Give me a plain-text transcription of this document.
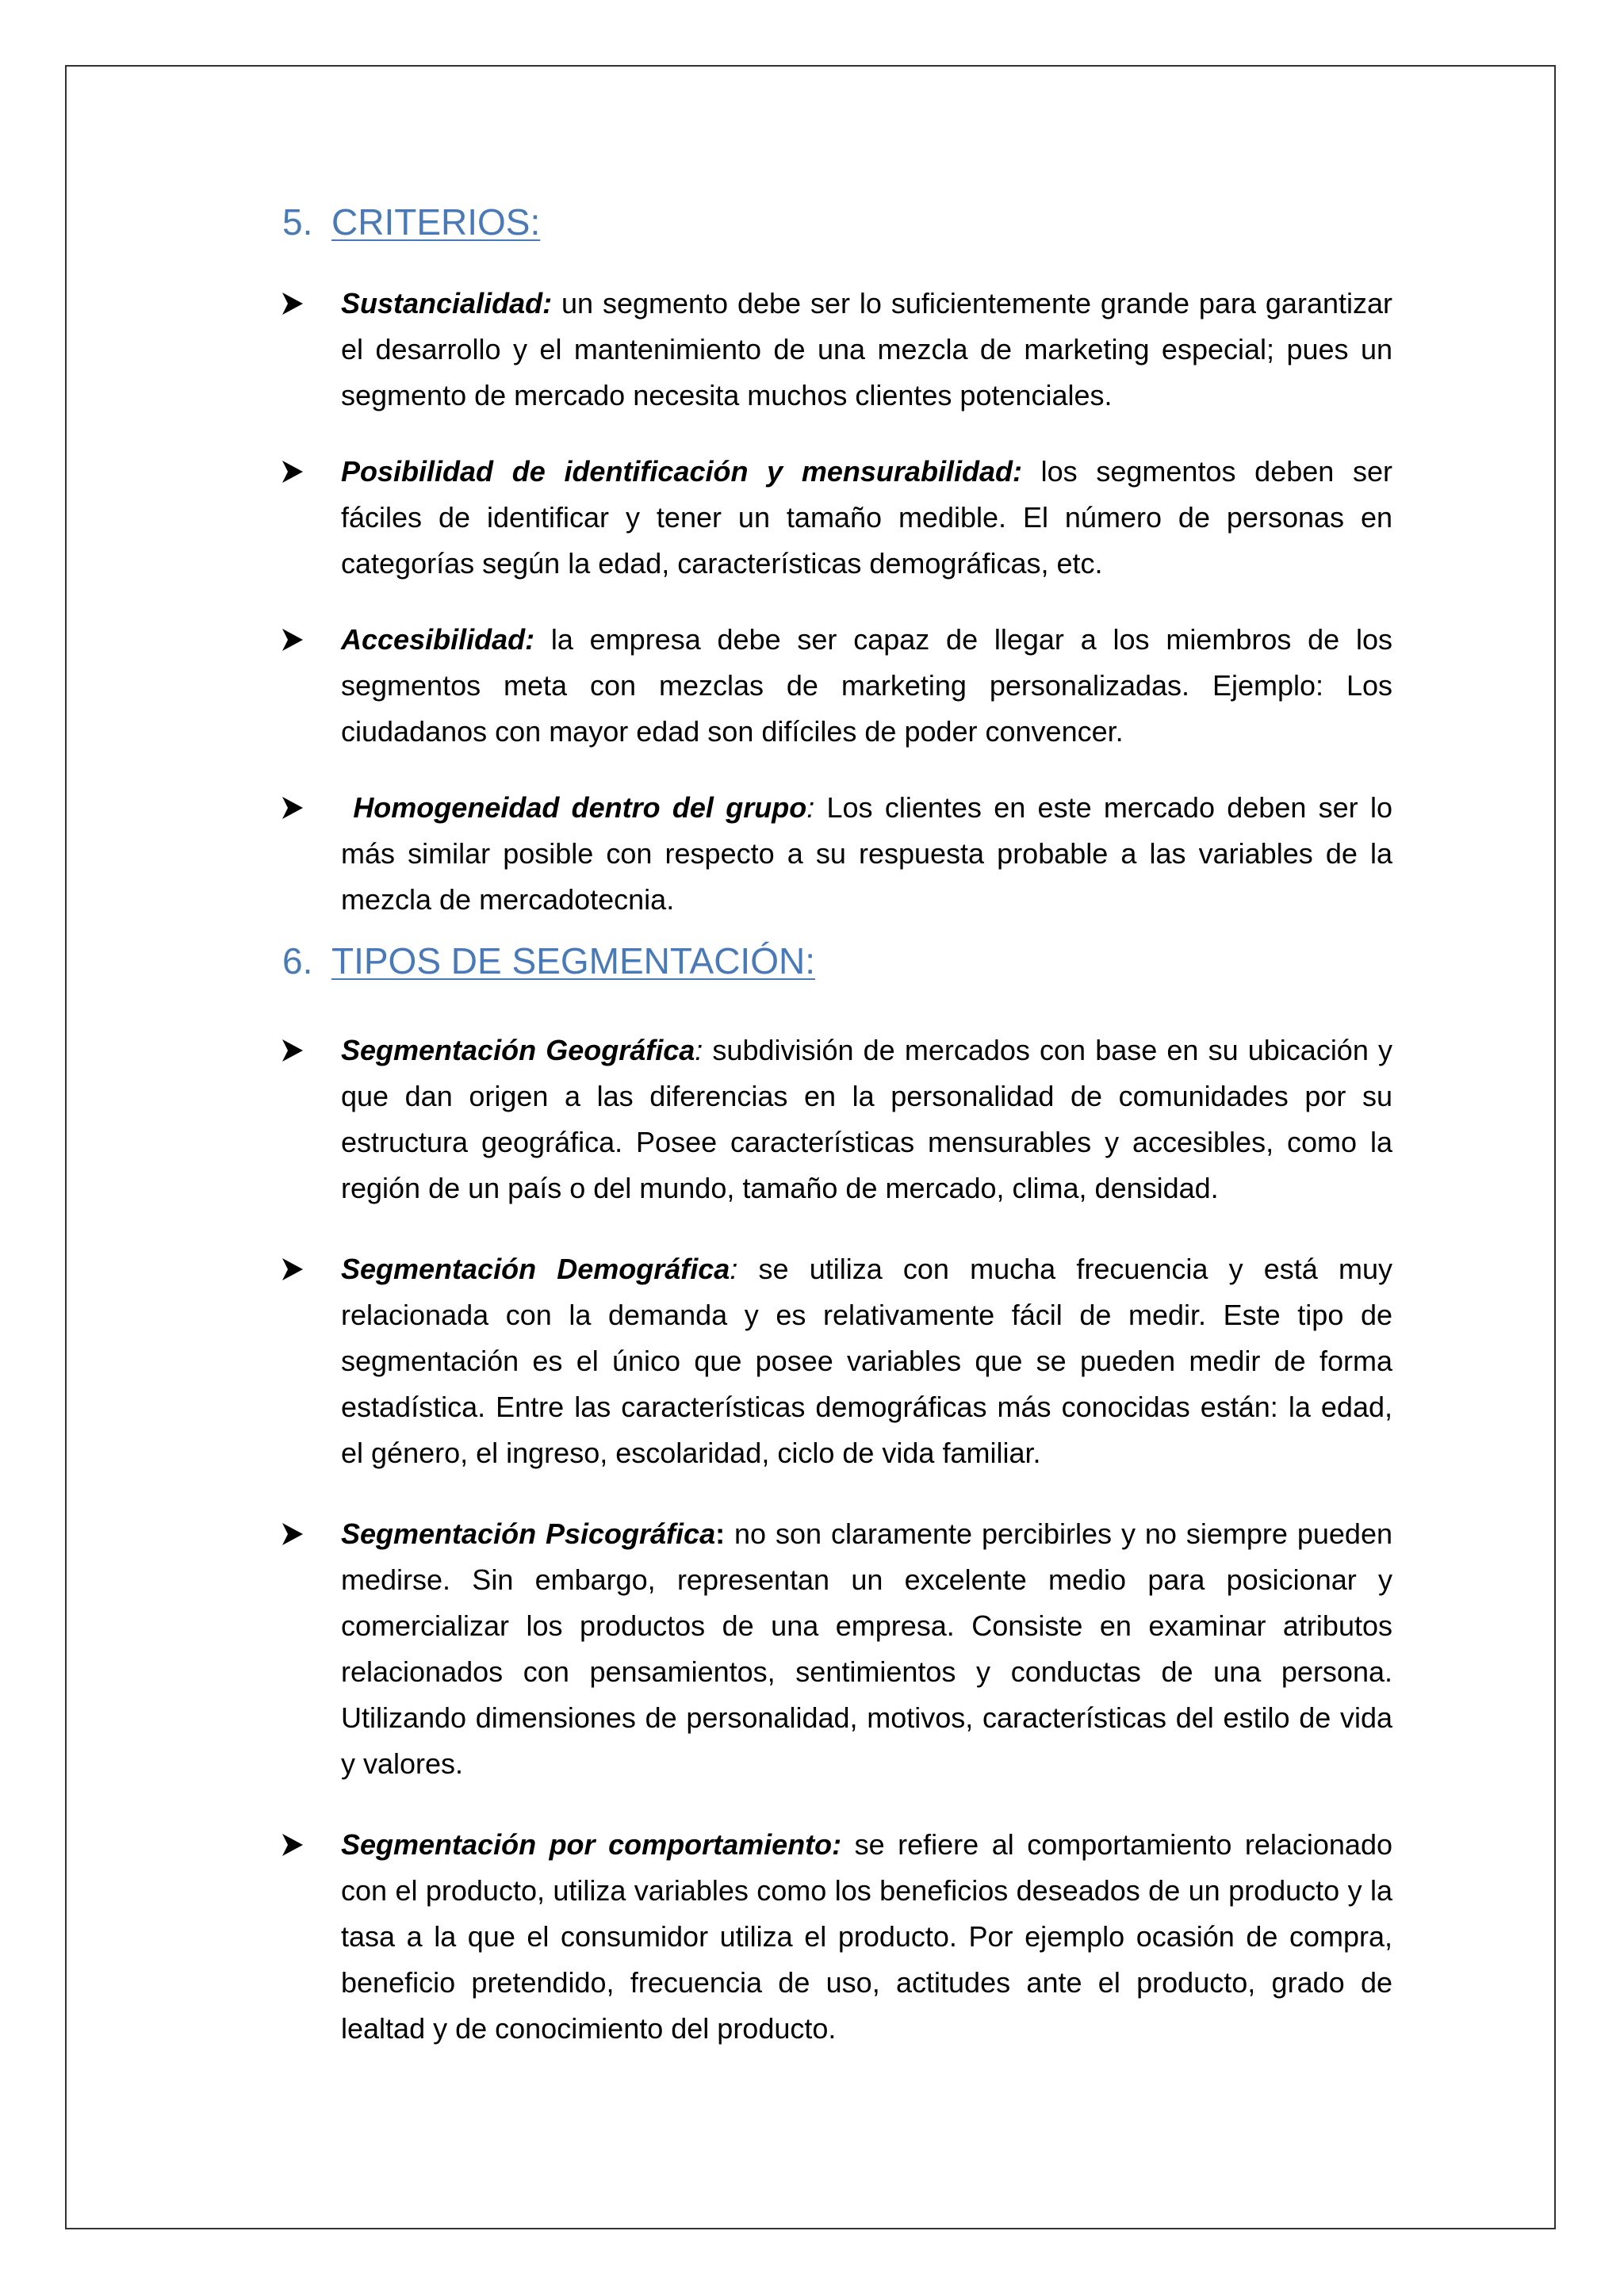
5. CRITERIOS:
Sustancialidad: un segmento debe ser lo suficientemente grande para garantizar el desarrollo y el mantenimiento de una mezcla de marketing especial; pues un segmento de mercado necesita muchos clientes potenciales.
Posibilidad de identificación y mensurabilidad: los segmentos deben ser fáciles de identificar y tener un tamaño medible. El número de personas en categorías según la edad, características demográficas, etc.
Accesibilidad: la empresa debe ser capaz de llegar a los miembros de los segmentos meta con mezclas de marketing personalizadas. Ejemplo: Los ciudadanos con mayor edad son difíciles de poder convencer.
Homogeneidad dentro del grupo: Los clientes en este mercado deben ser lo más similar posible con respecto a su respuesta probable a las variables de la mezcla de mercadotecnia.
6. TIPOS DE SEGMENTACIÓN:
Segmentación Geográfica: subdivisión de mercados con base en su ubicación y que dan origen a las diferencias en la personalidad de comunidades por su estructura geográfica. Posee características mensurables y accesibles, como la región de un país o del mundo, tamaño de mercado, clima, densidad.
Segmentación Demográfica: se utiliza con mucha frecuencia y está muy relacionada con la demanda y es relativamente fácil de medir. Este tipo de segmentación es el único que posee variables que se pueden medir de forma estadística. Entre las características demográficas más conocidas están: la edad, el género, el ingreso, escolaridad, ciclo de vida familiar.
Segmentación Psicográfica: no son claramente percibirles y no siempre pueden medirse. Sin embargo, representan un excelente medio para posicionar y comercializar los productos de una empresa. Consiste en examinar atributos relacionados con pensamientos, sentimientos y conductas de una persona. Utilizando dimensiones de personalidad, motivos, características del estilo de vida y valores.
Segmentación por comportamiento: se refiere al comportamiento relacionado con el producto, utiliza variables como los beneficios deseados de un producto y la tasa a la que el consumidor utiliza el producto. Por ejemplo ocasión de compra, beneficio pretendido, frecuencia de uso, actitudes ante el producto, grado de lealtad y de conocimiento del producto.
